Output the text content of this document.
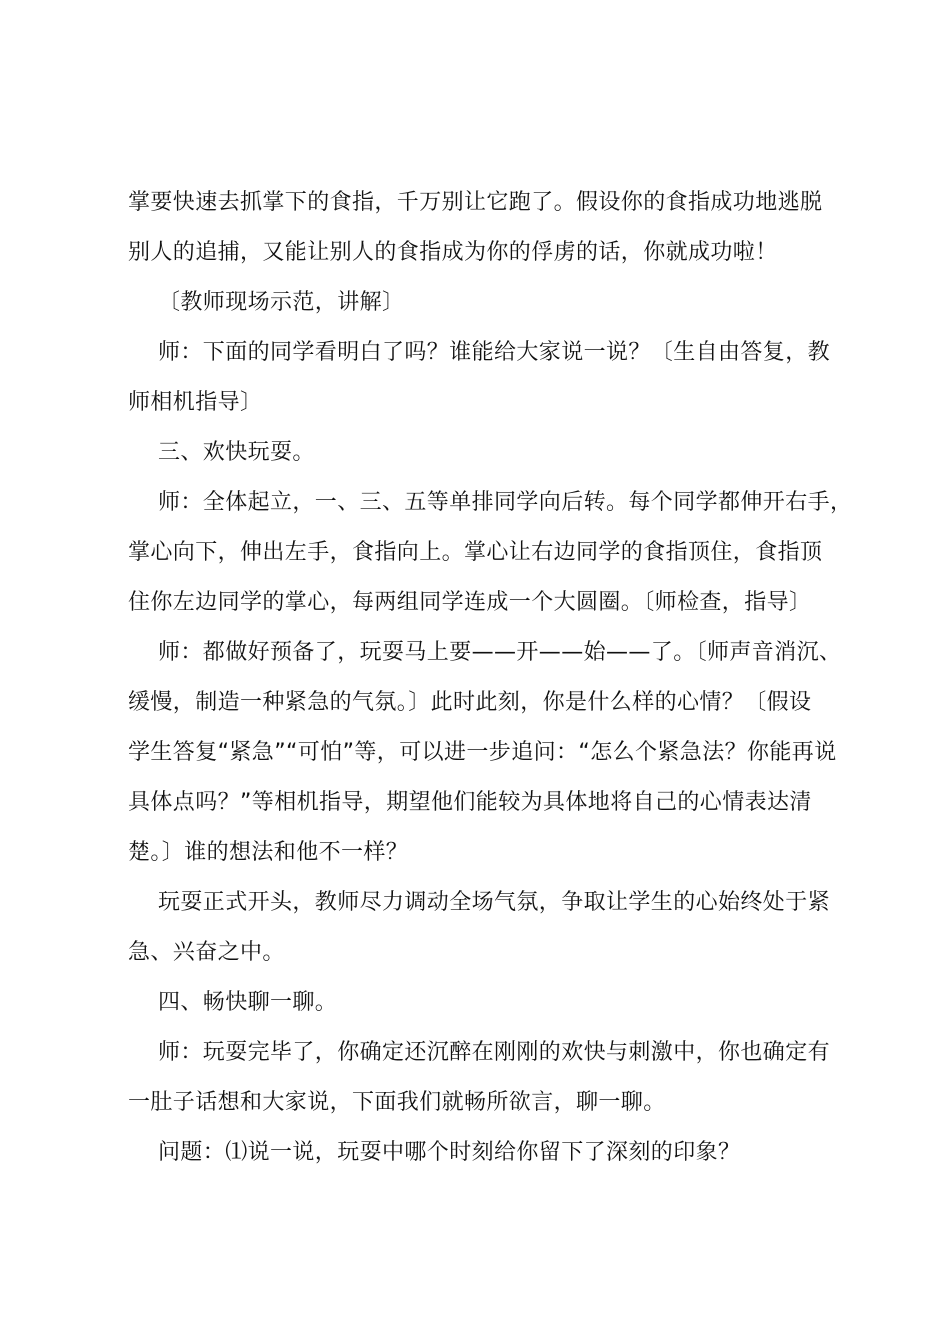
掌要快速去抓掌下的食指，千万别让它跑了。假设你的食指成功地逃脱
别人的追捕，又能让别人的食指成为你的俘虏的话，你就成功啦！
〔教师现场示范，讲解〕
师：下面的同学看明白了吗？谁能给大家说一说？〔生自由答复，教
师相机指导〕
三、欢快玩耍。
师：全体起立，一、三、五等单排同学向后转。每个同学都伸开右手，
掌心向下，伸出左手，食指向上。掌心让右边同学的食指顶住，食指顶
住你左边同学的掌心，每两组同学连成一个大圆圈。〔师检查，指导〕
师：都做好预备了，玩耍马上要——开——始——了。〔师声音消沉、
缓慢，制造一种紧急的气氛。〕此时此刻，你是什么样的心情？〔假设
学生答复“紧急”“可怕”等，可以进一步追问：“怎么个紧急法？你能再说
具体点吗？”等相机指导，期望他们能较为具体地将自己的心情表达清
楚。〕谁的想法和他不一样？
玩耍正式开头，教师尽力调动全场气氛，争取让学生的心始终处于紧
急、兴奋之中。
四、畅快聊一聊。
师：玩耍完毕了，你确定还沉醉在刚刚的欢快与刺激中，你也确定有
一肚子话想和大家说，下面我们就畅所欲言，聊一聊。
问题：⑴说一说，玩耍中哪个时刻给你留下了深刻的印象？
